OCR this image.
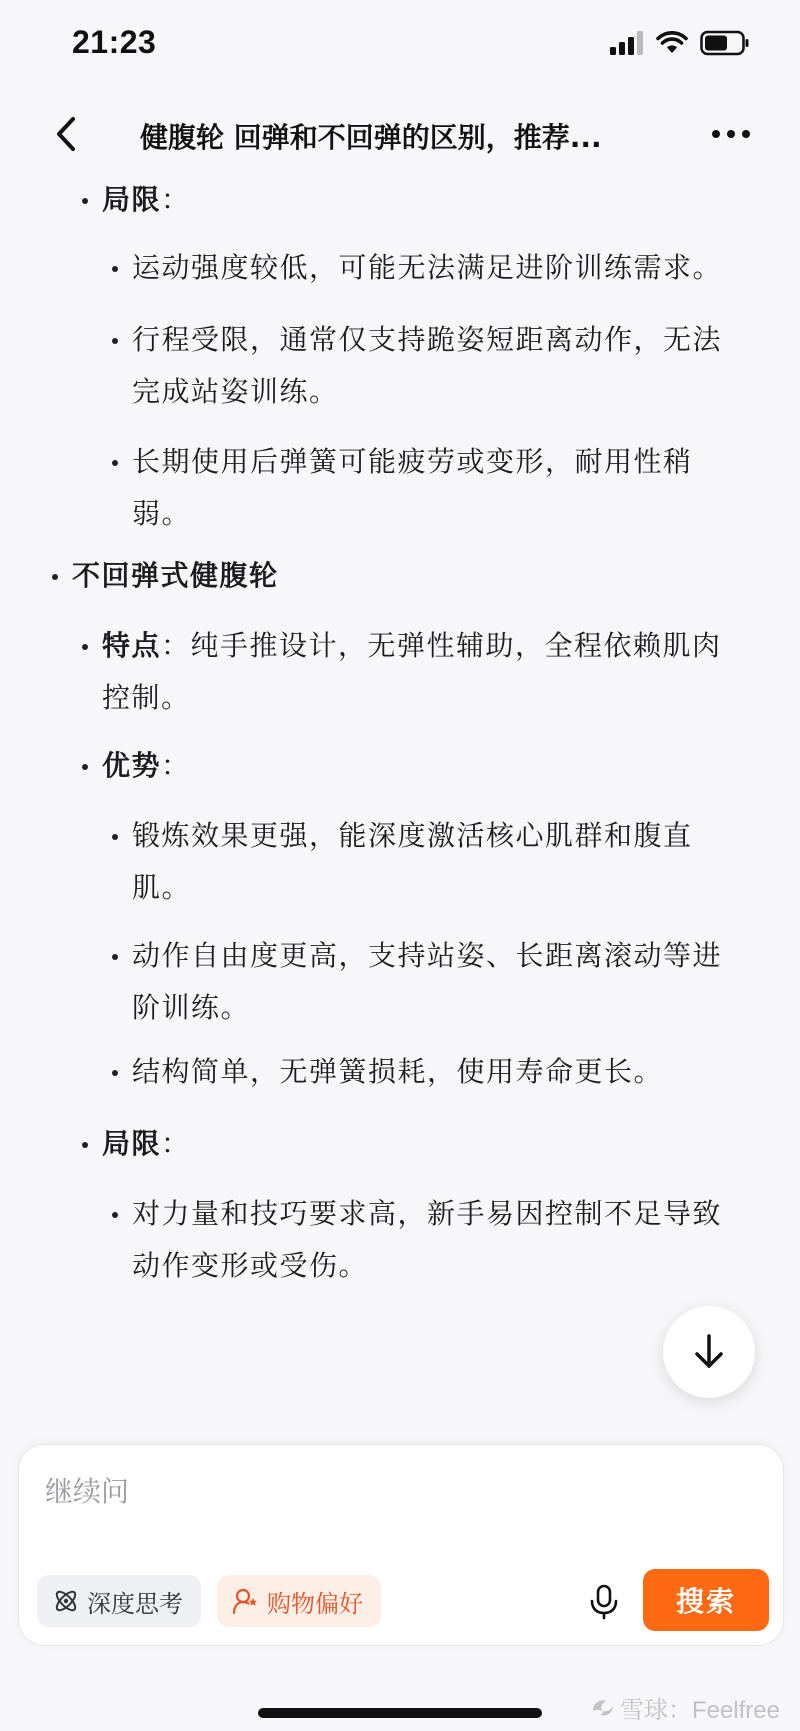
21:23
健腹轮 回弹和不回弹的区别，推荐...
局限：
运动强度较低，可能无法满足进阶训练需求。
行程受限，通常仅支持跪姿短距离动作，无法
完成站姿训练。
长期使用后弹簧可能疲劳或变形，耐用性稍
弱。
不回弹式健腹轮
特点：纯手推设计，无弹性辅助，全程依赖肌肉
控制。
优势：
锻炼效果更强，能深度激活核心肌群和腹直
肌。
动作自由度更高，支持站姿、长距离滚动等进
阶训练。
结构简单，无弹簧损耗，使用寿命更长。
局限：
对力量和技巧要求高，新手易因控制不足导致
动作变形或受伤。
继续问
深度思考	购物偏好	搜索
雪球：Feelfree
